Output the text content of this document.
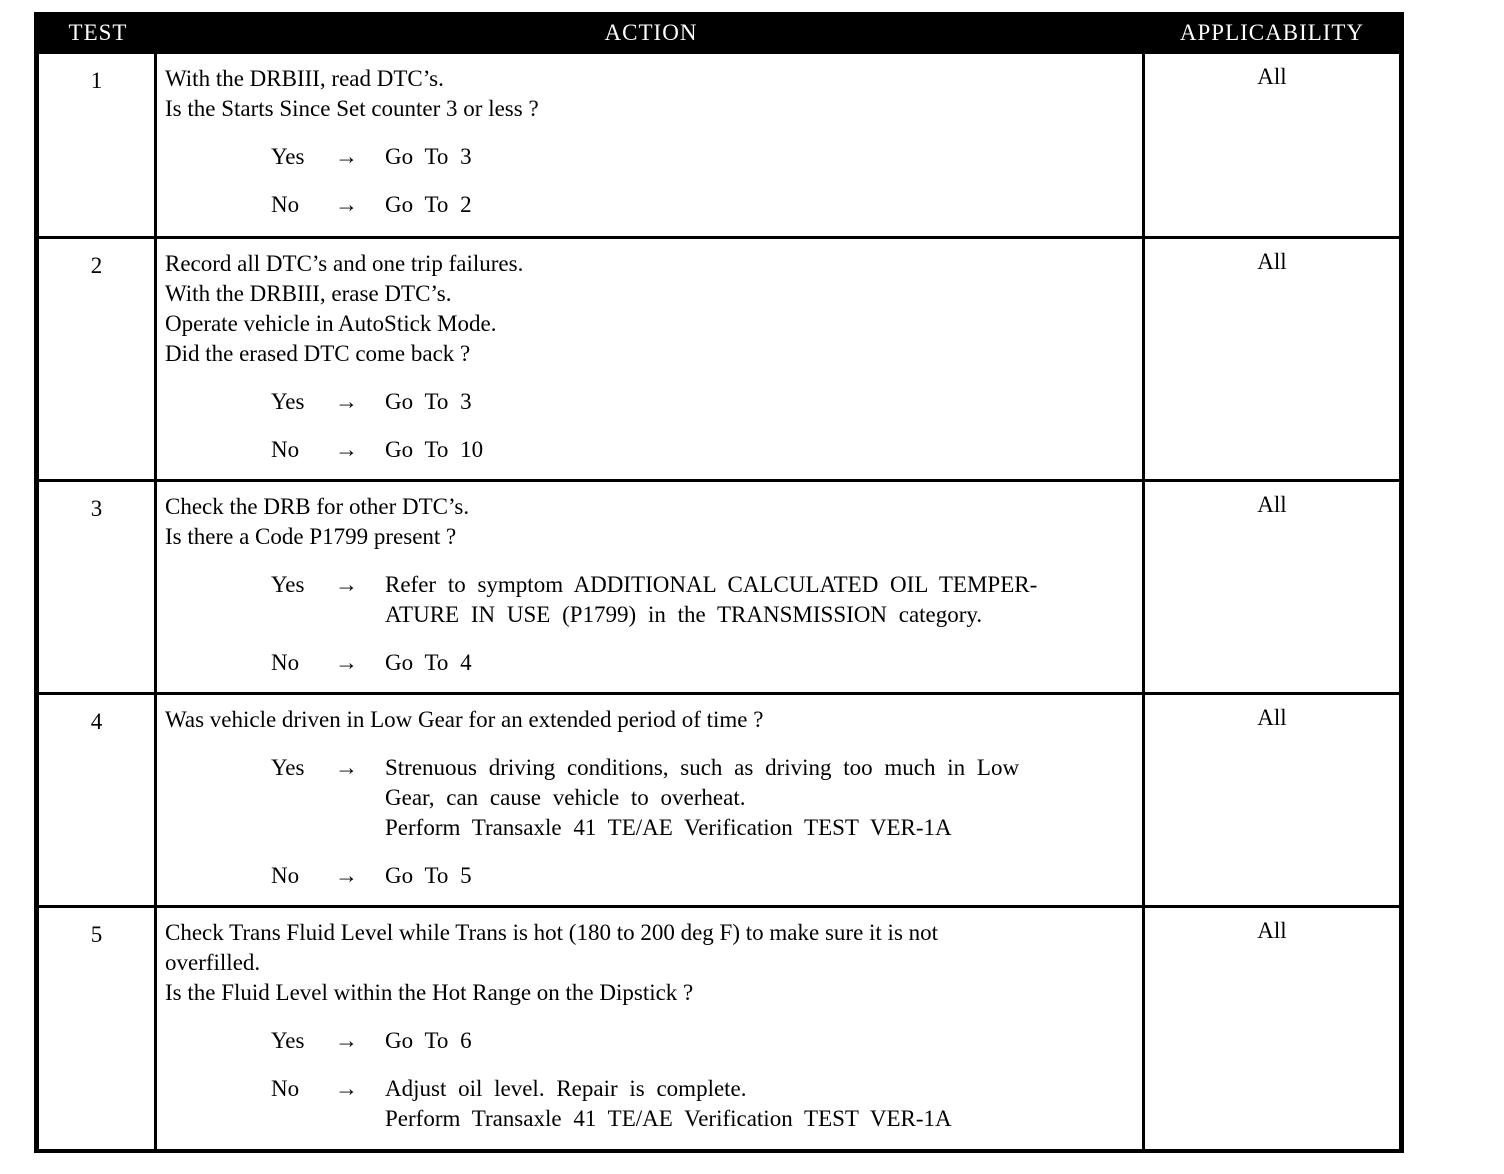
TEST	ACTION	APPLICABILITY
1	With the DRBIII, read DTC’s.
Is the Starts Since Set counter 3 or less ?
Yes	→	Go To 3
No	→	Go To 2
All
2	Record all DTC’s and one trip failures.
With the DRBIII, erase DTC’s.
Operate vehicle in AutoStick Mode.
Did the erased DTC come back ?
Yes	→	Go To 3
No	→	Go To 10
All
3	Check the DRB for other DTC’s.
Is there a Code P1799 present ?
Yes	→	Refer to symptom ADDITIONAL CALCULATED OIL TEMPER-
ATURE IN USE (P1799) in the TRANSMISSION category.
No	→	Go To 4
All
4	Was vehicle driven in Low Gear for an extended period of time ?
Yes	→	Strenuous driving conditions, such as driving too much in Low
Gear, can cause vehicle to overheat.
Perform Transaxle 41 TE/AE Verification TEST VER-1A
No	→	Go To 5
All
5	Check Trans Fluid Level while Trans is hot (180 to 200 deg F) to make sure it is not
overfilled.
Is the Fluid Level within the Hot Range on the Dipstick ?
Yes	→	Go To 6
No	→	Adjust oil level. Repair is complete.
Perform Transaxle 41 TE/AE Verification TEST VER-1A
All
